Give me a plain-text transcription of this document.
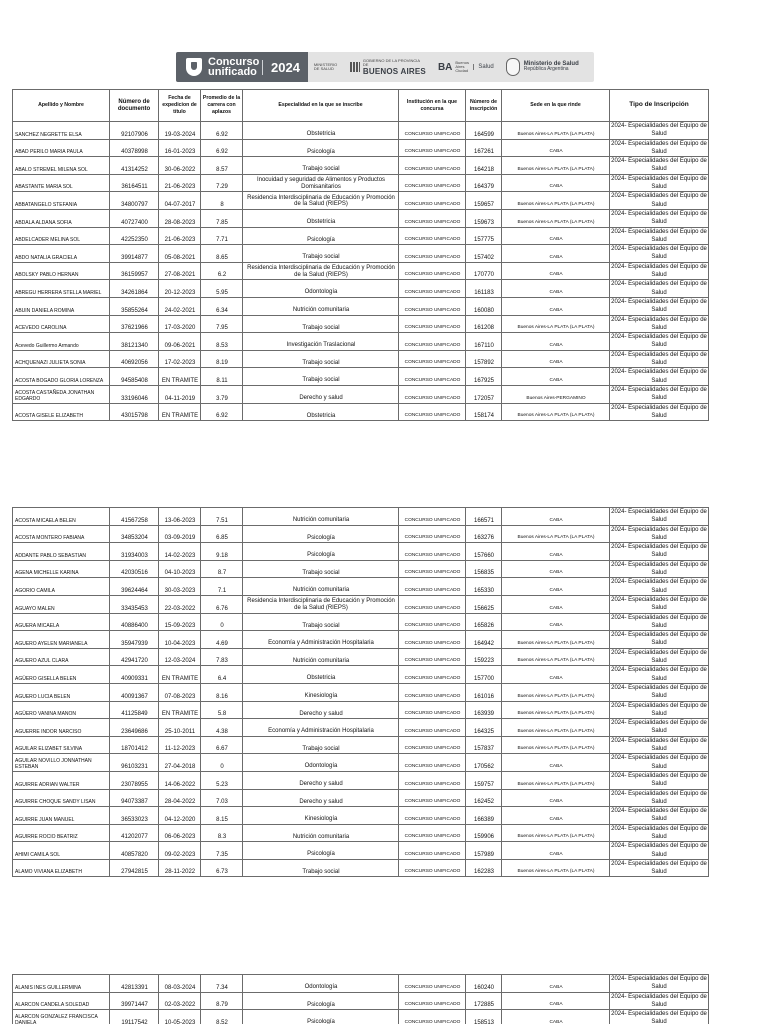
Concurso unificado	2024	MINISTERIO DE SALUD
GOBIERNO DE LA PROVINCIA DE
BUENOS AIRES BA Buenos Aires Ciudad
Salud	Ministerio de Salud
República Argentina
Apellido y Nombre	Número de documento	Fecha de expedicion de título	Promedio de la carrera con aplazos	Especialidad en la que se inscribe	Institución en la que concursa	Número de inscripción	Sede en la que rinde	Tipo de Inscripción
SANCHEZ NEGRETTE ELSA	92107906	19-03-2024	6.92	Obstetricia	CONCURSO UNIFICADO	164599	Buenos Aires-LA PLATA (LA PLATA)	2024- Especialidades del Equipo de Salud
ABAD PERILO MARIA PAULA	40378998	16-01-2023	6.92	Psicología	CONCURSO UNIFICADO	167261	CABA	2024- Especialidades del Equipo de Salud
ABALO STREMEL MILENA SOL	41314252	30-06-2022	8.57	Trabajo social	CONCURSO UNIFICADO	164218	Buenos Aires-LA PLATA (LA PLATA)	2024- Especialidades del Equipo de Salud
ABASTANTE MARIA SOL	36164511	21-06-2023	7.29	Inocuidad y seguridad de Alimentos y Productos Domisanitarios	CONCURSO UNIFICADO	164379	CABA	2024- Especialidades del Equipo de Salud
ABBATANGELO STEFANIA	34800797	04-07-2017	8	Residencia Interdisciplinaria de Educación y Promoción de la Salud (RIEPS)	CONCURSO UNIFICADO	159657	Buenos Aires-LA PLATA (LA PLATA)	2024- Especialidades del Equipo de Salud
ABDALA ALDANA SOFIA	40727400	28-08-2023	7.85	Obstetricia	CONCURSO UNIFICADO	159673	Buenos Aires-LA PLATA (LA PLATA)	2024- Especialidades del Equipo de Salud
ABDELCADER MELINA SOL	42252350	21-06-2023	7.71	Psicología	CONCURSO UNIFICADO	157775	CABA	2024- Especialidades del Equipo de Salud
ABDO NATALIA GRACIELA	39914877	05-08-2021	8.65	Trabajo social	CONCURSO UNIFICADO	157402	CABA	2024- Especialidades del Equipo de Salud
ABOLSKY PABLO HERNAN	36159957	27-08-2021	6.2	Residencia Interdisciplinaria de Educación y Promoción de la Salud (RIEPS)	CONCURSO UNIFICADO	170770	CABA	2024- Especialidades del Equipo de Salud
ABREGU HERRERA STELLA MARIEL	34261864	20-12-2023	5.95	Odontología	CONCURSO UNIFICADO	161183	CABA	2024- Especialidades del Equipo de Salud
ABUIN DANIELA ROMINA	35855264	24-02-2021	6.34	Nutrición comunitaria	CONCURSO UNIFICADO	160080	CABA	2024- Especialidades del Equipo de Salud
ACEVEDO CAROLINA	37621966	17-03-2020	7.95	Trabajo social	CONCURSO UNIFICADO	161208	Buenos Aires-LA PLATA (LA PLATA)	2024- Especialidades del Equipo de Salud
Acevedo Guillermo Armando	38121340	09-06-2021	8.53	Investigación Traslacional	CONCURSO UNIFICADO	167110	CABA	2024- Especialidades del Equipo de Salud
ACHQUENAZI JULIETA SONIA	40692056	17-02-2023	8.19	Trabajo social	CONCURSO UNIFICADO	157892	CABA	2024- Especialidades del Equipo de Salud
ACOSTA BOGADO GLORIA LORENZA	94585408	EN TRAMITE	8.11	Trabajo social	CONCURSO UNIFICADO	167925	CABA	2024- Especialidades del Equipo de Salud
ACOSTA CASTAÑEDA JONATHAN EDGARDO	33196046	04-11-2019	3.79	Derecho y salud	CONCURSO UNIFICADO	172057	Buenos Aires-PERGAMINO	2024- Especialidades del Equipo de Salud
ACOSTA GISELE ELIZABETH	43015798	EN TRAMITE	6.92	Obstetricia	CONCURSO UNIFICADO	158174	Buenos Aires-LA PLATA (LA PLATA)	2024- Especialidades del Equipo de Salud
ACOSTA MICAELA BELEN	41567258	13-06-2023	7.51	Nutrición comunitaria	CONCURSO UNIFICADO	166571	CABA	2024- Especialidades del Equipo de Salud
ACOSTA MONTERO FABIANA	34853204	03-09-2019	6.85	Psicología	CONCURSO UNIFICADO	163276	Buenos Aires-LA PLATA (LA PLATA)	2024- Especialidades del Equipo de Salud
ADDANTE PABLO SEBASTIAN	31934003	14-02-2023	9.18	Psicología	CONCURSO UNIFICADO	157660	CABA	2024- Especialidades del Equipo de Salud
AGENA MICHELLE KARINA	42030516	04-10-2023	8.7	Trabajo social	CONCURSO UNIFICADO	156835	CABA	2024- Especialidades del Equipo de Salud
AGORIO CAMILA	39624464	30-03-2023	7.1	Nutrición comunitaria	CONCURSO UNIFICADO	165330	CABA	2024- Especialidades del Equipo de Salud
AGUAYO MALEN	33435453	22-03-2022	6.76	Residencia Interdisciplinaria de Educación y Promoción de la Salud (RIEPS)	CONCURSO UNIFICADO	156625	CABA	2024- Especialidades del Equipo de Salud
AGUERA MICAELA	40886400	15-09-2023	0	Trabajo social	CONCURSO UNIFICADO	165826	CABA	2024- Especialidades del Equipo de Salud
AGUERO AYELEN MARIANELA	35947939	10-04-2023	4.69	Economía y Administración Hospitalaria	CONCURSO UNIFICADO	164942	Buenos Aires-LA PLATA (LA PLATA)	2024- Especialidades del Equipo de Salud
AGUERO AZUL CLARA	42941720	12-03-2024	7.83	Nutrición comunitaria	CONCURSO UNIFICADO	159223	Buenos Aires-LA PLATA (LA PLATA)	2024- Especialidades del Equipo de Salud
AGÜERO GISELLA BELEN	40909331	EN TRAMITE	6.4	Obstetricia	CONCURSO UNIFICADO	157700	CABA	2024- Especialidades del Equipo de Salud
AGUERO LUCIA BELEN	40091367	07-08-2023	8.16	Kinesiología	CONCURSO UNIFICADO	161016	Buenos Aires-LA PLATA (LA PLATA)	2024- Especialidades del Equipo de Salud
AGÜERO VANINA MANON	41125849	EN TRAMITE	5.8	Derecho y salud	CONCURSO UNIFICADO	163939	Buenos Aires-LA PLATA (LA PLATA)	2024- Especialidades del Equipo de Salud
AGUERRE INDOR NARCISO	23649686	25-10-2011	4.38	Economía y Administración Hospitalaria	CONCURSO UNIFICADO	164325	Buenos Aires-LA PLATA (LA PLATA)	2024- Especialidades del Equipo de Salud
AGUILAR ELIZABET SILVINA	18701412	11-12-2023	6.67	Trabajo social	CONCURSO UNIFICADO	157837	Buenos Aires-LA PLATA (LA PLATA)	2024- Especialidades del Equipo de Salud
AGUILAR NOVILLO JONNATHAN ESTEBAN	96103231	27-04-2018	0	Odontología	CONCURSO UNIFICADO	170562	CABA	2024- Especialidades del Equipo de Salud
AGUIRRE ADRIAN WALTER	23078955	14-06-2022	5.23	Derecho y salud	CONCURSO UNIFICADO	159757	Buenos Aires-LA PLATA (LA PLATA)	2024- Especialidades del Equipo de Salud
AGUIRRE CHOQUE SANDY LISAN	94073387	28-04-2022	7.03	Derecho y salud	CONCURSO UNIFICADO	162452	CABA	2024- Especialidades del Equipo de Salud
AGUIRRE JUAN MANUEL	36533023	04-12-2020	8.15	Kinesiología	CONCURSO UNIFICADO	166389	CABA	2024- Especialidades del Equipo de Salud
AGUIRRE ROCIO BEATRIZ	41202077	06-06-2023	8.3	Nutrición comunitaria	CONCURSO UNIFICADO	159906	Buenos Aires-LA PLATA (LA PLATA)	2024- Especialidades del Equipo de Salud
AHIMI CAMILA SOL	40857820	09-02-2023	7.35	Psicología	CONCURSO UNIFICADO	157989	CABA	2024- Especialidades del Equipo de Salud
ALAMO VIVIANA ELIZABETH	27942815	28-11-2022	6.73	Trabajo social	CONCURSO UNIFICADO	162283	Buenos Aires-LA PLATA (LA PLATA)	2024- Especialidades del Equipo de Salud
ALANIS INES GUILLERMINA	42813391	08-03-2024	7.34	Odontología	CONCURSO UNIFICADO	160240	CABA	2024- Especialidades del Equipo de Salud
ALARCON CANDELA SOLEDAD	39971447	02-03-2022	8.79	Psicología	CONCURSO UNIFICADO	172885	CABA	2024- Especialidades del Equipo de Salud
ALARCON GONZALEZ FRANCISCA DANIELA	19117542	10-05-2023	8.52	Psicología	CONCURSO UNIFICADO	158513	CABA	2024- Especialidades del Equipo de Salud
